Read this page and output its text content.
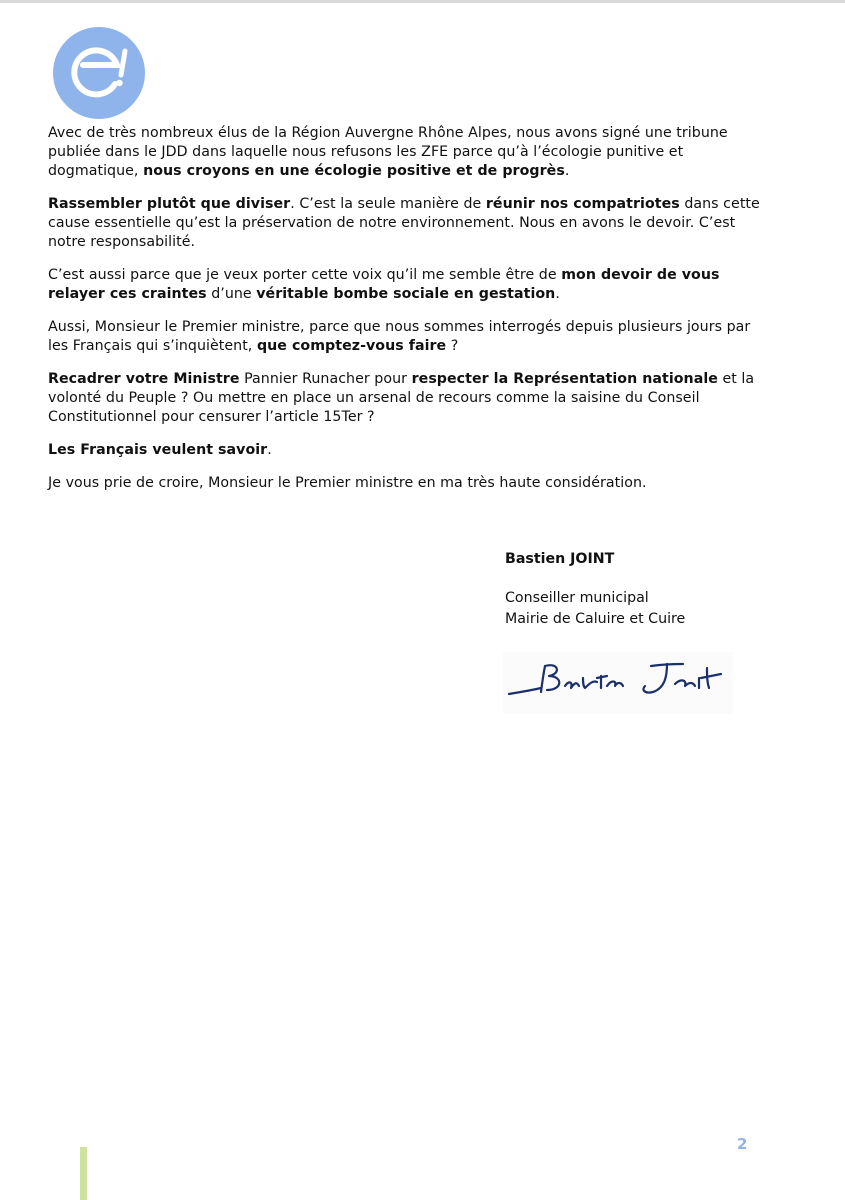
Avec de très nombreux élus de la Région Auvergne Rhône Alpes, nous avons signé une tribune publiée dans le JDD dans laquelle nous refusons les ZFE parce qu’à l’écologie punitive et dogmatique, nous croyons en une écologie positive et de progrès.

Rassembler plutôt que diviser. C’est la seule manière de réunir nos compatriotes dans cette cause essentielle qu’est la préservation de notre environnement. Nous en avons le devoir. C’est notre responsabilité.

C’est aussi parce que je veux porter cette voix qu’il me semble être de mon devoir de vous relayer ces craintes d’une véritable bombe sociale en gestation.

Aussi, Monsieur le Premier ministre, parce que nous sommes interrogés depuis plusieurs jours par les Français qui s’inquiètent, que comptez-vous faire ?

Recadrer votre Ministre Pannier Runacher pour respecter la Représentation nationale et la volonté du Peuple ? Ou mettre en place un arsenal de recours comme la saisine du Conseil Constitutionnel pour censurer l’article 15Ter ?

Les Français veulent savoir.

Je vous prie de croire, Monsieur le Premier ministre en ma très haute considération.

Bastien JOINT

Conseiller municipal

Mairie de Caluire et Cuire

2
